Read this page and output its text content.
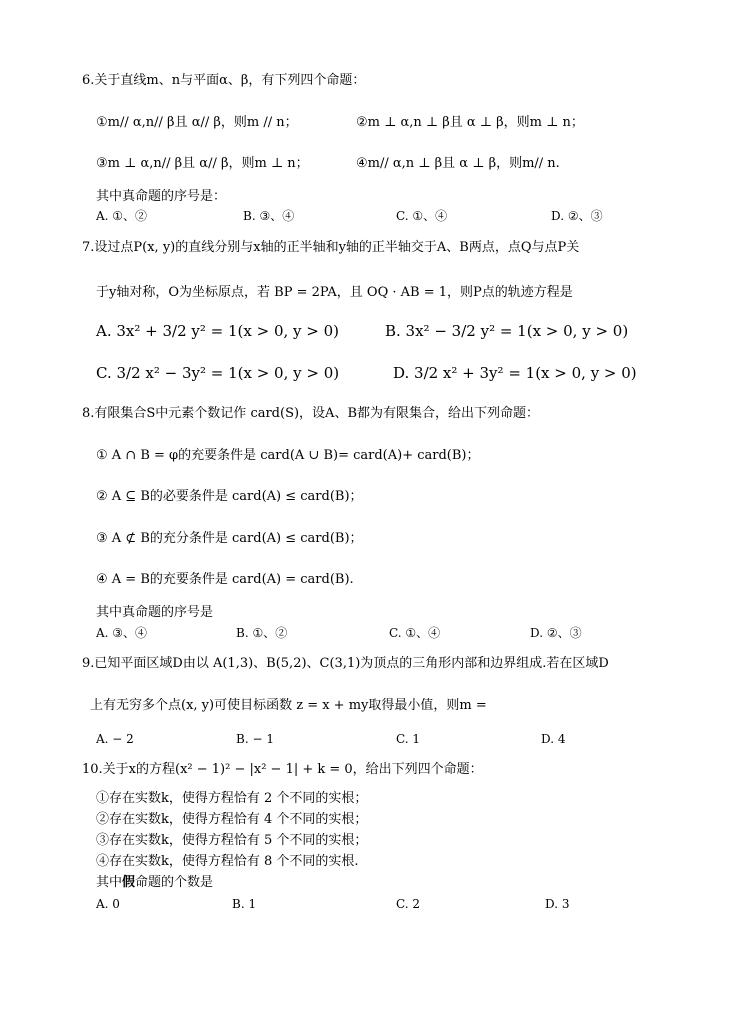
6.关于直线m、n与平面α、β，有下列四个命题：
①m// α,n// β且 α// β，则m // n；	②m ⊥ α,n ⊥ β且 α ⊥ β，则m ⊥ n；
③m ⊥ α,n// β且 α// β，则m ⊥ n；	④m// α,n ⊥ β且 α ⊥ β，则m// n.
其中真命题的序号是：
A. ①、②	B. ③、④	C. ①、④	D. ②、③
7.设过点P(x, y)的直线分别与x轴的正半轴和y轴的正半轴交于A、B两点，点Q与点P关
于y轴对称，O为坐标原点，若 BP = 2PA，且 OQ · AB = 1，则P点的轨迹方程是
A. 3x² + 3/2 y² = 1(x > 0, y > 0)	B. 3x² − 3/2 y² = 1(x > 0, y > 0)
C. 3/2 x² − 3y² = 1(x > 0, y > 0)	D. 3/2 x² + 3y² = 1(x > 0, y > 0)
8.有限集合S中元素个数记作 card(S)，设A、B都为有限集合，给出下列命题：
① A ∩ B = φ的充要条件是 card(A ∪ B)= card(A)+ card(B)；
② A ⊆ B的必要条件是 card(A) ≤ card(B)；
③ A ⊄ B的充分条件是 card(A) ≤ card(B)；
④ A = B的充要条件是 card(A) = card(B).
其中真命题的序号是
A. ③、④	B. ①、②	C. ①、④	D. ②、③
9.已知平面区域D由以 A(1,3)、B(5,2)、C(3,1)为顶点的三角形内部和边界组成.若在区域D
上有无穷多个点(x, y)可使目标函数 z = x + my取得最小值，则m =
A. − 2	B. − 1	C. 1	D. 4
10.关于x的方程(x² − 1)² − |x² − 1| + k = 0，给出下列四个命题：
①存在实数k，使得方程恰有 2 个不同的实根；
②存在实数k，使得方程恰有 4 个不同的实根；
③存在实数k，使得方程恰有 5 个不同的实根；
④存在实数k，使得方程恰有 8 个不同的实根.
其中假命题的个数是
A. 0	B. 1	C. 2	D. 3
